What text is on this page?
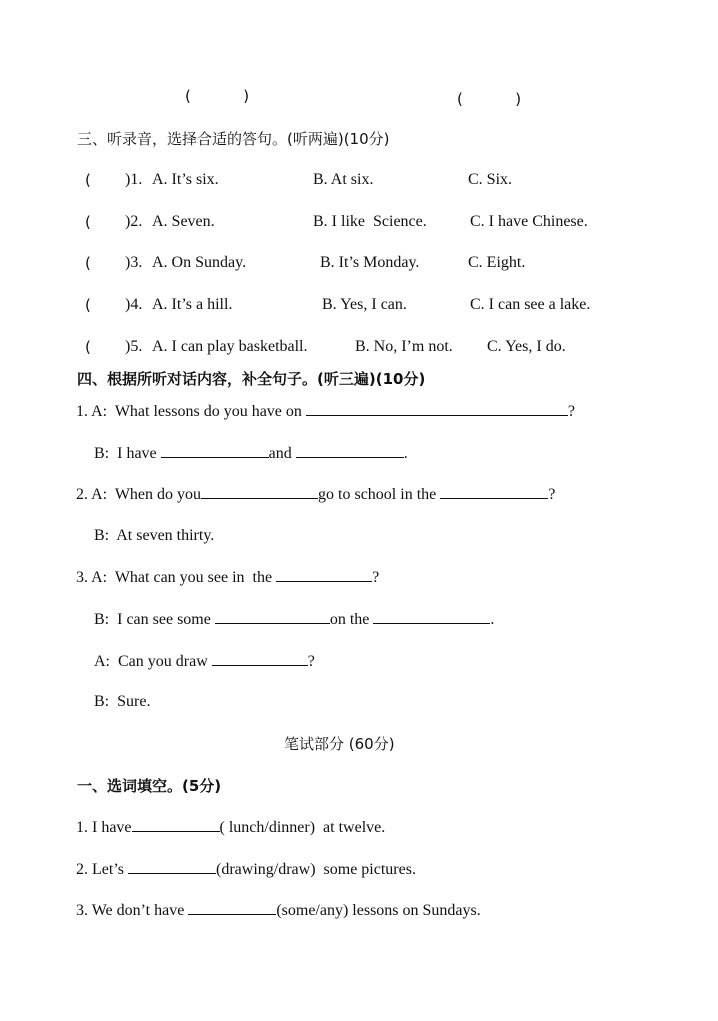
(           )	(           )
三、听录音，选择合适的答句。(听两遍)(10分)
( )1. A. It’s six.	B. At six.	C. Six.
( )2. A. Seven.	B. I like  Science.	C. I have Chinese.
( )3. A. On Sunday.	B. It’s Monday.	C. Eight.
( )4. A. It’s a hill.	B. Yes, I can.	C. I can see a lake.
( )5. A. I can play basketball.	B. No, I’m not. C. Yes, I do.
四、根据所听对话内容，补全句子。(听三遍)(10分)
1. A:  What lessons do you have on	?
B:  I have	and	.
2. A:  When do you	go to school in the	?
B:  At seven thirty.
3. A:  What can you see in  the	?
B:  I can see some	on the	.
A:  Can you draw	?
B:  Sure.
笔试部分 (60分)
一、选词填空。(5分)
1. I have	( lunch/dinner)  at twelve.
2. Let’s	(drawing/draw)  some pictures.
3. We don’t have	(some/any) lessons on Sundays.
